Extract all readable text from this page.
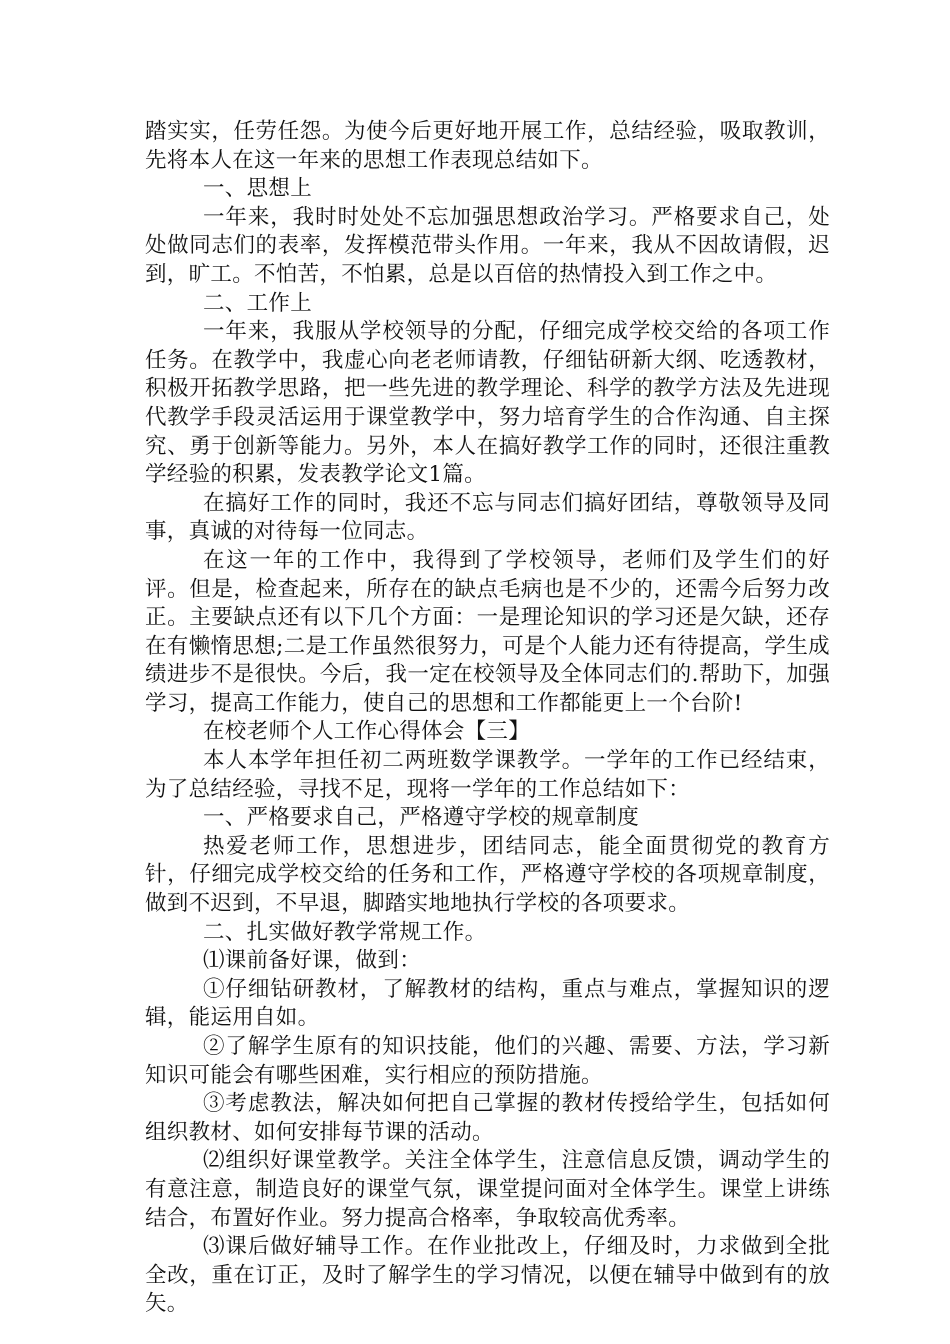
踏实实，任劳任怨。为使今后更好地开展工作，总结经验，吸取教训，先将本人在这一年来的思想工作表现总结如下。

一、思想上

一年来，我时时处处不忘加强思想政治学习。严格要求自己，处处做同志们的表率，发挥模范带头作用。一年来，我从不因故请假，迟到，旷工。不怕苦，不怕累，总是以百倍的热情投入到工作之中。

二、工作上

一年来，我服从学校领导的分配，仔细完成学校交给的各项工作任务。在教学中，我虚心向老老师请教，仔细钻研新大纲、吃透教材，积极开拓教学思路，把一些先进的教学理论、科学的教学方法及先进现代教学手段灵活运用于课堂教学中，努力培育学生的合作沟通、自主探究、勇于创新等能力。另外，本人在搞好教学工作的同时，还很注重教学经验的积累，发表教学论文1篇。

在搞好工作的同时，我还不忘与同志们搞好团结，尊敬领导及同事，真诚的对待每一位同志。

在这一年的工作中，我得到了学校领导，老师们及学生们的好评。但是，检查起来，所存在的缺点毛病也是不少的，还需今后努力改正。主要缺点还有以下几个方面：一是理论知识的学习还是欠缺，还存在有懒惰思想;二是工作虽然很努力，可是个人能力还有待提高，学生成绩进步不是很快。今后，我一定在校领导及全体同志们的.帮助下，加强学习，提高工作能力，使自己的思想和工作都能更上一个台阶!

在校老师个人工作心得体会【三】

本人本学年担任初二两班数学课教学。一学年的工作已经结束，为了总结经验，寻找不足，现将一学年的工作总结如下：

一、严格要求自己，严格遵守学校的规章制度

热爱老师工作，思想进步，团结同志，能全面贯彻党的教育方针，仔细完成学校交给的任务和工作，严格遵守学校的各项规章制度，做到不迟到，不早退，脚踏实地地执行学校的各项要求。

二、扎实做好教学常规工作。

⑴课前备好课，做到：

①仔细钻研教材，了解教材的结构，重点与难点，掌握知识的逻辑，能运用自如。

②了解学生原有的知识技能，他们的兴趣、需要、方法，学习新知识可能会有哪些困难，实行相应的预防措施。

③考虑教法，解决如何把自己掌握的教材传授给学生，包括如何组织教材、如何安排每节课的活动。

⑵组织好课堂教学。关注全体学生，注意信息反馈，调动学生的有意注意，制造良好的课堂气氛，课堂提问面对全体学生。课堂上讲练结合，布置好作业。努力提高合格率，争取较高优秀率。

⑶课后做好辅导工作。在作业批改上，仔细及时，力求做到全批全改，重在订正，及时了解学生的学习情况，以便在辅导中做到有的放矢。
